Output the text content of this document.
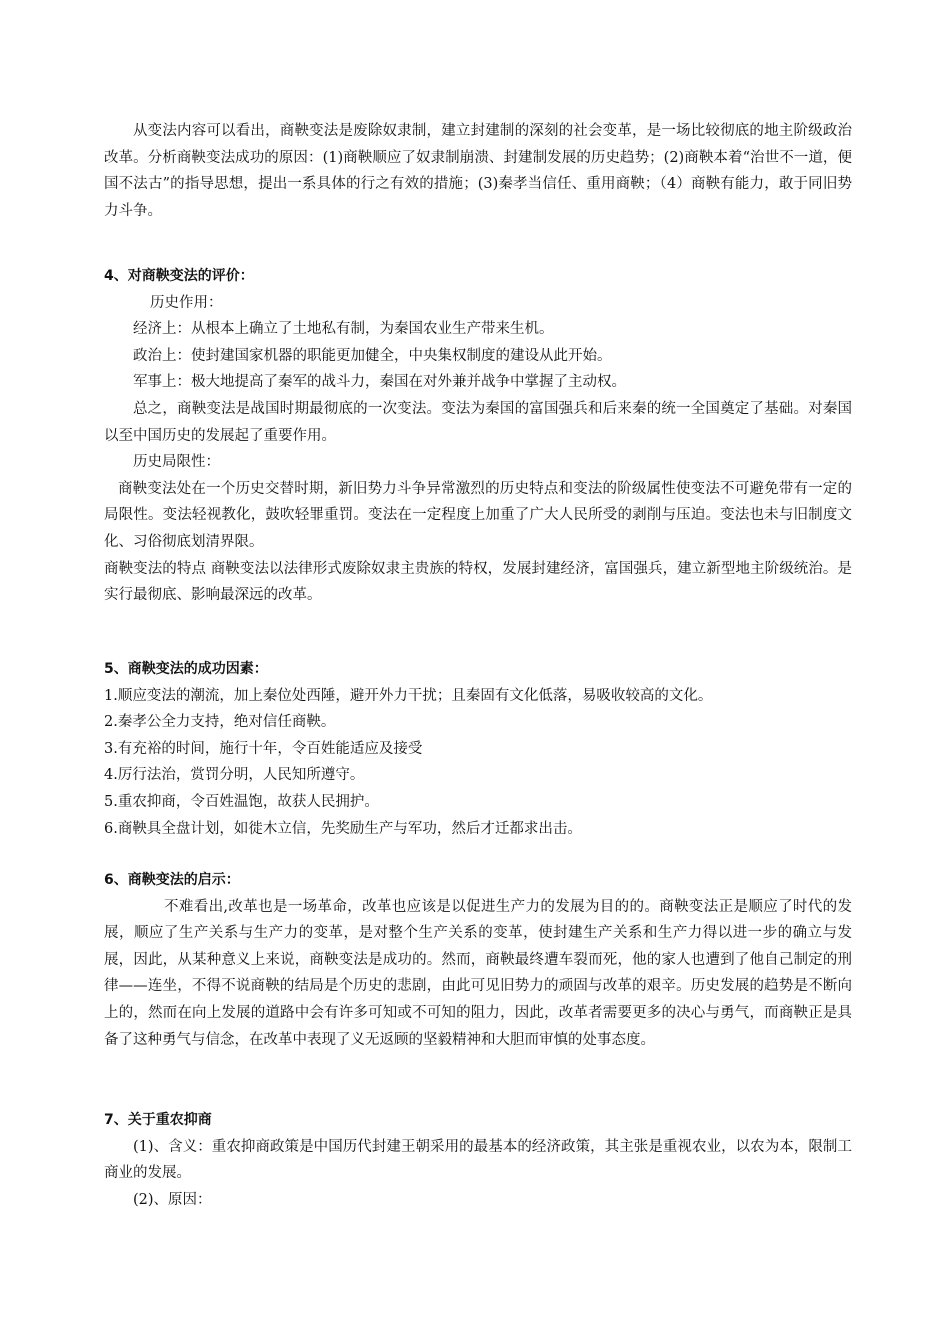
从变法内容可以看出，商鞅变法是废除奴隶制，建立封建制的深刻的社会变革，是一场比较彻底的地主阶级政治改革。分析商鞅变法成功的原因：(1)商鞅顺应了奴隶制崩溃、封建制发展的历史趋势；(2)商鞅本着“治世不一道，便国不法古”的指导思想，提出一系具体的行之有效的措施；(3)秦孝当信任、重用商鞅；（4）商鞅有能力，敢于同旧势力斗争。

4、对商鞅变法的评价：

历史作用：

经济上：从根本上确立了土地私有制，为秦国农业生产带来生机。

政治上：使封建国家机器的职能更加健全，中央集权制度的建设从此开始。

军事上：极大地提高了秦军的战斗力，秦国在对外兼并战争中掌握了主动权。

总之，商鞅变法是战国时期最彻底的一次变法。变法为秦国的富国强兵和后来秦的统一全国奠定了基础。对秦国以至中国历史的发展起了重要作用。

历史局限性：

商鞅变法处在一个历史交替时期，新旧势力斗争异常激烈的历史特点和变法的阶级属性使变法不可避免带有一定的局限性。变法轻视教化，鼓吹轻罪重罚。变法在一定程度上加重了广大人民所受的剥削与压迫。变法也未与旧制度文化、习俗彻底划清界限。

商鞅变法的特点 商鞅变法以法律形式废除奴隶主贵族的特权，发展封建经济，富国强兵，建立新型地主阶级统治。是实行最彻底、影响最深远的改革。

5、商鞅变法的成功因素：

1.顺应变法的潮流，加上秦位处西陲，避开外力干扰；且秦固有文化低落，易吸收较高的文化。

2.秦孝公全力支持，绝对信任商鞅。

3.有充裕的时间，施行十年，令百姓能适应及接受

4.厉行法治，赏罚分明，人民知所遵守。

5.重农抑商，令百姓温饱，故获人民拥护。

6.商鞅具全盘计划，如徙木立信，先奖励生产与军功，然后才迁都求出击。

6、商鞅变法的启示：

不难看出,改革也是一场革命，改革也应该是以促进生产力的发展为目的的。商鞅变法正是顺应了时代的发展，顺应了生产关系与生产力的变革，是对整个生产关系的变革，使封建生产关系和生产力得以进一步的确立与发展，因此，从某种意义上来说，商鞅变法是成功的。然而，商鞅最终遭车裂而死，他的家人也遭到了他自己制定的刑律——连坐，不得不说商鞅的结局是个历史的悲剧，由此可见旧势力的顽固与改革的艰辛。历史发展的趋势是不断向上的，然而在向上发展的道路中会有许多可知或不可知的阻力，因此，改革者需要更多的决心与勇气，而商鞅正是具备了这种勇气与信念，在改革中表现了义无返顾的坚毅精神和大胆而审慎的处事态度。

7、关于重农抑商

(1)、含义：重农抑商政策是中国历代封建王朝采用的最基本的经济政策，其主张是重视农业，以农为本，限制工商业的发展。

(2)、原因：
